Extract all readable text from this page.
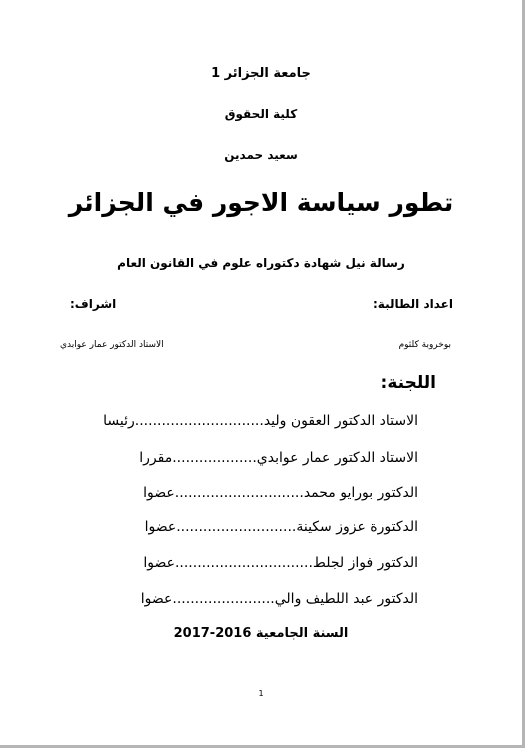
جامعة الجزائر 1
كلية الحقوق
سعيد حمدين
تطور سياسة الاجور في الجزائر
رسالة نيل شهادة دكتوراه علوم في القانون العام
اعداد الطالبة:
اشراف:
بوخروبة كلثوم
الاستاد الدكتور عمار عوابدي
اللجنة:
الاستاد الدكتور العقون وليد.............................رئيسا
الاستاد الدكتور عمار عوابدي...................مقررا
الدكتور بورايو محمد.............................عضوا
الدكتورة عزوز سكينة...........................عضوا
الدكتور فواز لجلط...............................عضوا
الدكتور عبد اللطيف والي.......................عضوا
السنة الجامعية 2016-2017
1
